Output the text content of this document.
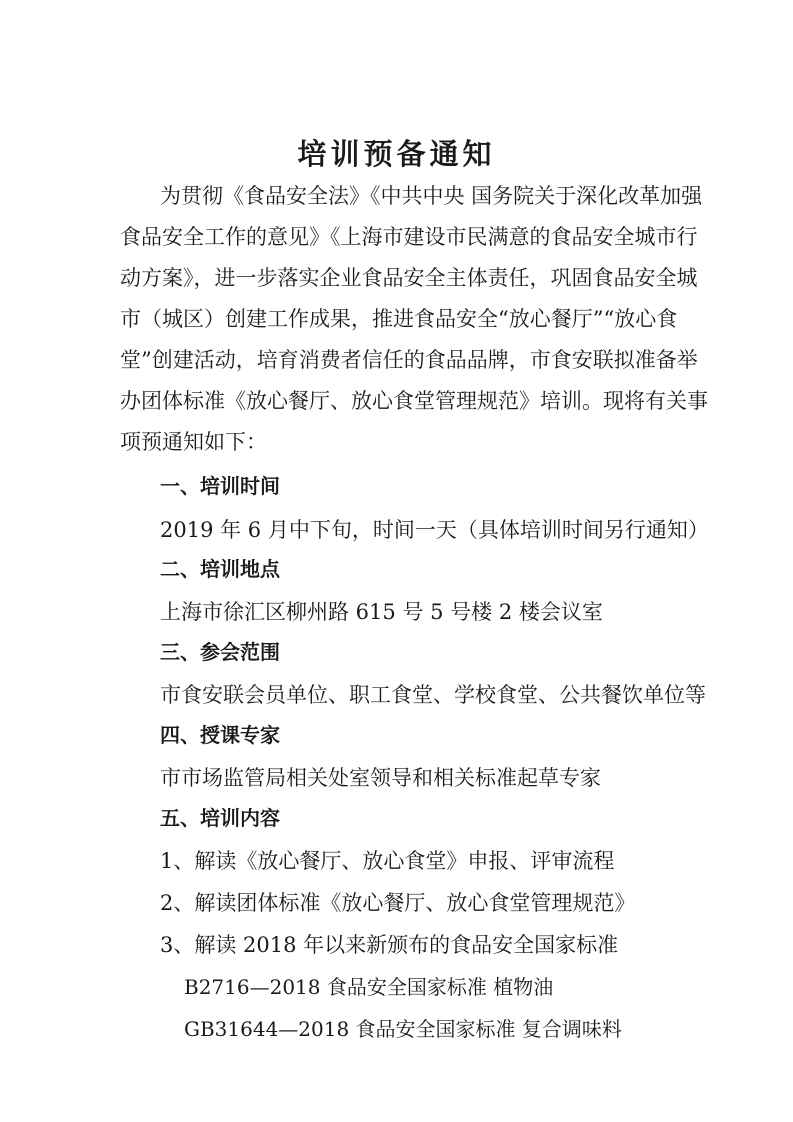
培训预备通知
为贯彻《食品安全法》《中共中央 国务院关于深化改革加强
食品安全工作的意见》《上海市建设市民满意的食品安全城市行
动方案》，进一步落实企业食品安全主体责任，巩固食品安全城
市（城区）创建工作成果，推进食品安全“放心餐厅”“放心食
堂”创建活动，培育消费者信任的食品品牌，市食安联拟准备举
办团体标准《放心餐厅、放心食堂管理规范》培训。现将有关事
项预通知如下：
一、培训时间
2019 年 6 月中下旬，时间一天（具体培训时间另行通知）
二、培训地点
上海市徐汇区柳州路 615 号 5 号楼 2 楼会议室
三、参会范围
市食安联会员单位、职工食堂、学校食堂、公共餐饮单位等
四、授课专家
市市场监管局相关处室领导和相关标准起草专家
五、培训内容
1、解读《放心餐厅、放心食堂》申报、评审流程
2、解读团体标准《放心餐厅、放心食堂管理规范》
3、解读 2018 年以来新颁布的食品安全国家标准
B2716—2018 食品安全国家标准 植物油
GB31644—2018 食品安全国家标准 复合调味料
